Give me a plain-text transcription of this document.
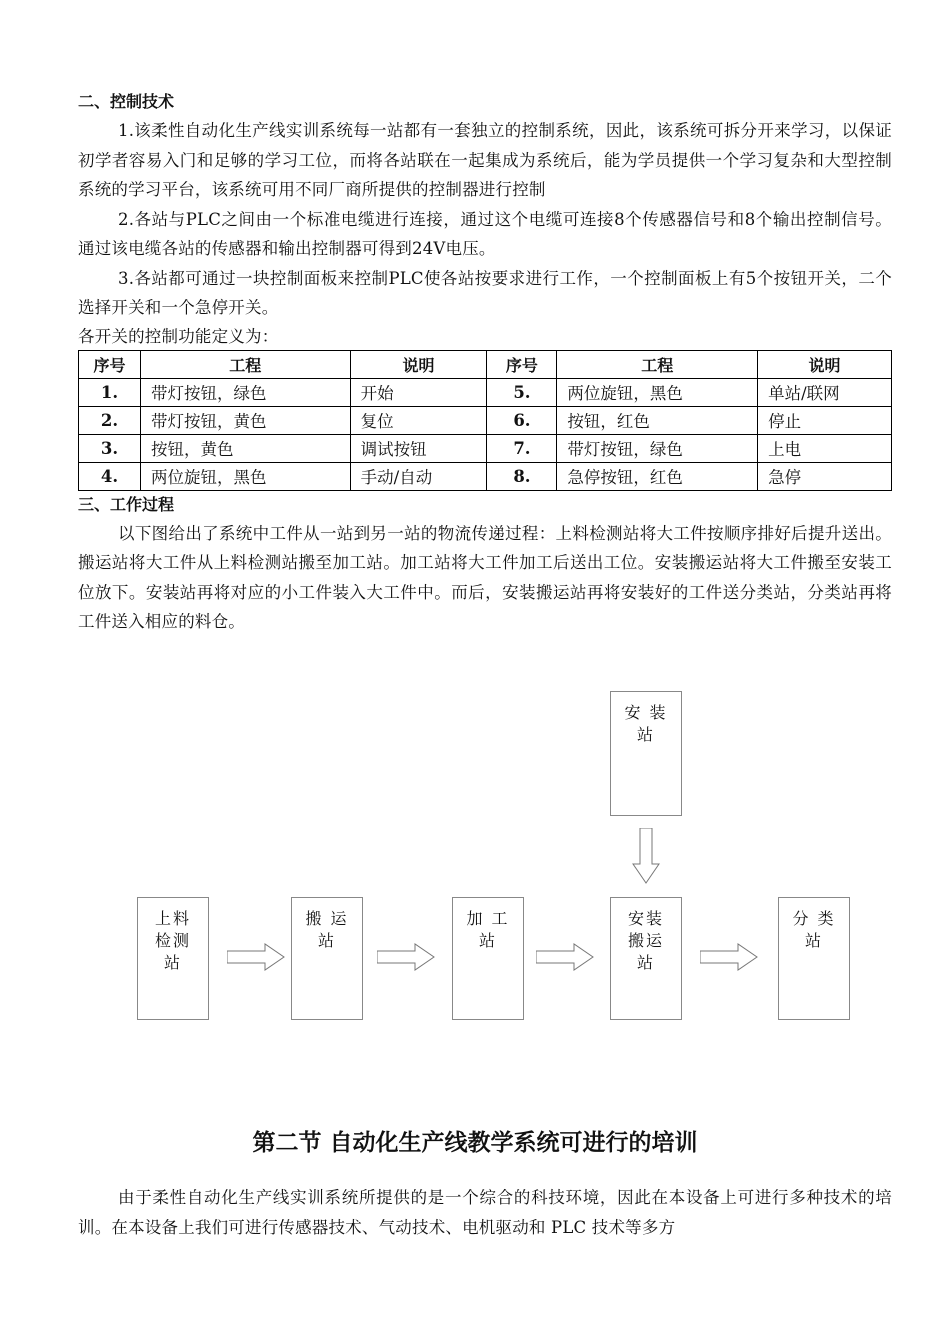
二、控制技术

1.该柔性自动化生产线实训系统每一站都有一套独立的控制系统，因此，该系统可拆分开来学习，以保证初学者容易入门和足够的学习工位，而将各站联在一起集成为系统后，能为学员提供一个学习复杂和大型控制系统的学习平台，该系统可用不同厂商所提供的控制器进行控制

2.各站与PLC之间由一个标准电缆进行连接，通过这个电缆可连接8个传感器信号和8个输出控制信号。通过该电缆各站的传感器和输出控制器可得到24V电压。

3.各站都可通过一块控制面板来控制PLC使各站按要求进行工作，一个控制面板上有5个按钮开关，二个选择开关和一个急停开关。

各开关的控制功能定义为：

序号	工程	说明	序号	工程	说明
1.	带灯按钮，绿色	开始	5.	两位旋钮，黑色	单站/联网
2.	带灯按钮，黄色	复位	6.	按钮，红色	停止
3.	按钮，黄色	调试按钮	7.	带灯按钮，绿色	上电
4.	两位旋钮，黑色	手动/自动	8.	急停按钮，红色	急停
三、工作过程

以下图给出了系统中工件从一站到另一站的物流传递过程：上料检测站将大工件按顺序排好后提升送出。搬运站将大工件从上料检测站搬至加工站。加工站将大工件加工后送出工位。安装搬运站将大工件搬至安装工位放下。安装站再将对应的小工件装入大工件中。而后，安装搬运站再将安装好的工件送分类站，分类站再将工件送入相应的料仓。

安 装
站
上料
检测
站
搬 运
站
加 工
站
安装
搬运
站
分 类
站
第二节 自动化生产线教学系统可进行的培训

由于柔性自动化生产线实训系统所提供的是一个综合的科技环境，因此在本设备上可进行多种技术的培训。在本设备上我们可进行传感器技术、气动技术、电机驱动和 PLC 技术等多方
